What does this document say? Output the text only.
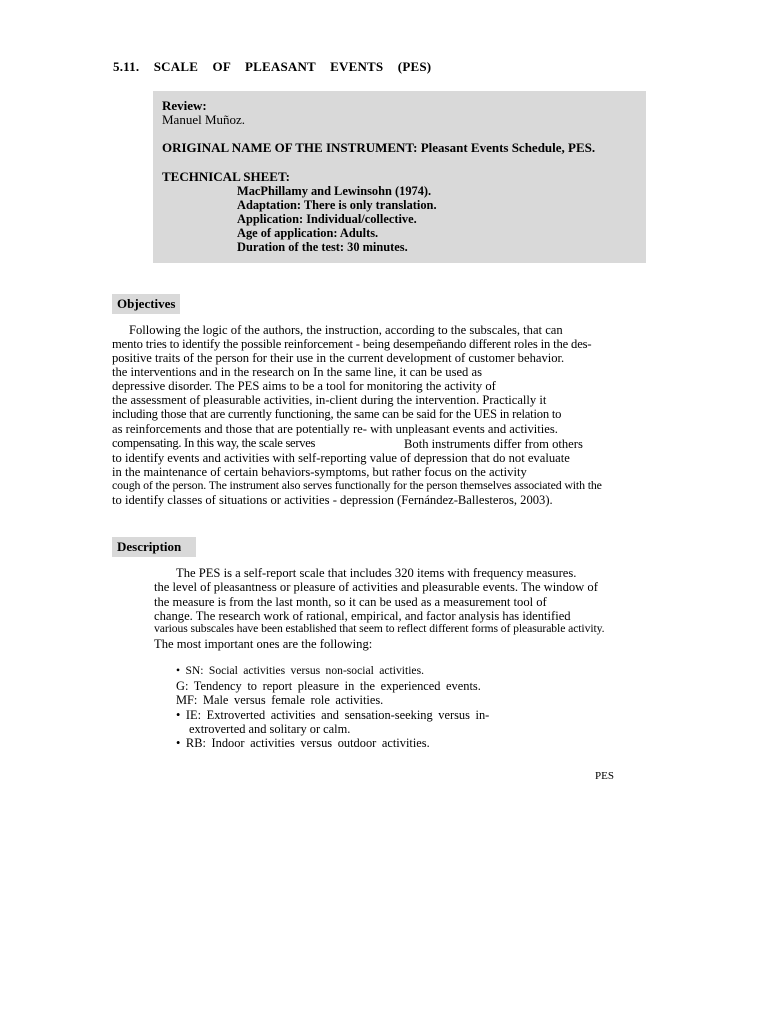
5.11. SCALE OF PLEASANT EVENTS (PES)
Review:
Manuel Muñoz.
ORIGINAL NAME OF THE INSTRUMENT: Pleasant Events Schedule, PES.
TECHNICAL SHEET:
MacPhillamy and Lewinsohn (1974).
Adaptation: There is only translation.
Application: Individual/collective.
Age of application: Adults.
Duration of the test: 30 minutes.
Objectives
Following the logic of the authors, the instruction, according to the subscales, that can
mento tries to identify the possible reinforcement - being desempeñando different roles in the des-
positive traits of the person for their use in the current development of customer behavior.
the interventions and in the research on In the same line, it can be used as
depressive disorder. The PES aims to be a tool for monitoring the activity of
the assessment of pleasurable activities, in-client during the intervention. Practically it
including those that are currently functioning, the same can be said for the UES in relation to
as reinforcements and those that are potentially re- with unpleasant events and activities.
compensating. In this way, the scale serves	Both instruments differ from others
to identify events and activities with self-reporting value of depression that do not evaluate
in the maintenance of certain behaviors-symptoms, but rather focus on the activity
cough of the person. The instrument also serves functionally for the person themselves associated with the
to identify classes of situations or activities - depression (Fernández-Ballesteros, 2003).
Description
The PES is a self-report scale that includes 320 items with frequency measures.
the level of pleasantness or pleasure of activities and pleasurable events. The window of
the measure is from the last month, so it can be used as a measurement tool of
change. The research work of rational, empirical, and factor analysis has identified
various subscales have been established that seem to reflect different forms of pleasurable activity.
The most important ones are the following:
• SN: Social activities versus non-social activities.
G: Tendency to report pleasure in the experienced events.
MF: Male versus female role activities.
• IE: Extroverted activities and sensation-seeking versus in-
extroverted and solitary or calm.
• RB: Indoor activities versus outdoor activities.
PES
